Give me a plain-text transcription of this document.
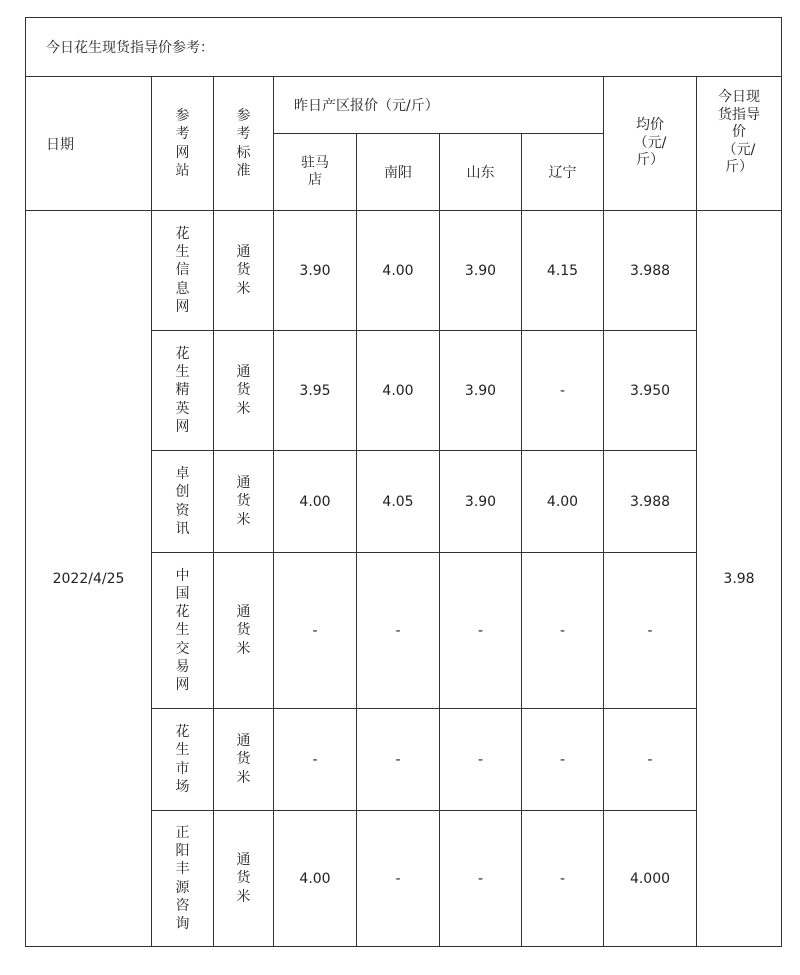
今日花生现货指导价参考：								
日期	参考网站	参考标准	昨日产区报价（元/斤）				均价（元/斤）	今日现货指导价（元/斤）

			驻马店	南阳	山东	辽宁		
2022/4/25	花生信息网	通货米	3.90	4.00	3.90	4.15	3.988	3.98

	花生精英网	通货米	3.95	4.00	3.90	-	3.950	

	卓创资讯	通货米	4.00	4.05	3.90	4.00	3.988	

	中国花生交易网	通货米	-	-	-	-	-	

	花生市场	通货米	-	-	-	-	-	

	正阳丰源咨询	通货米	4.00	-	-	-	4.000	
